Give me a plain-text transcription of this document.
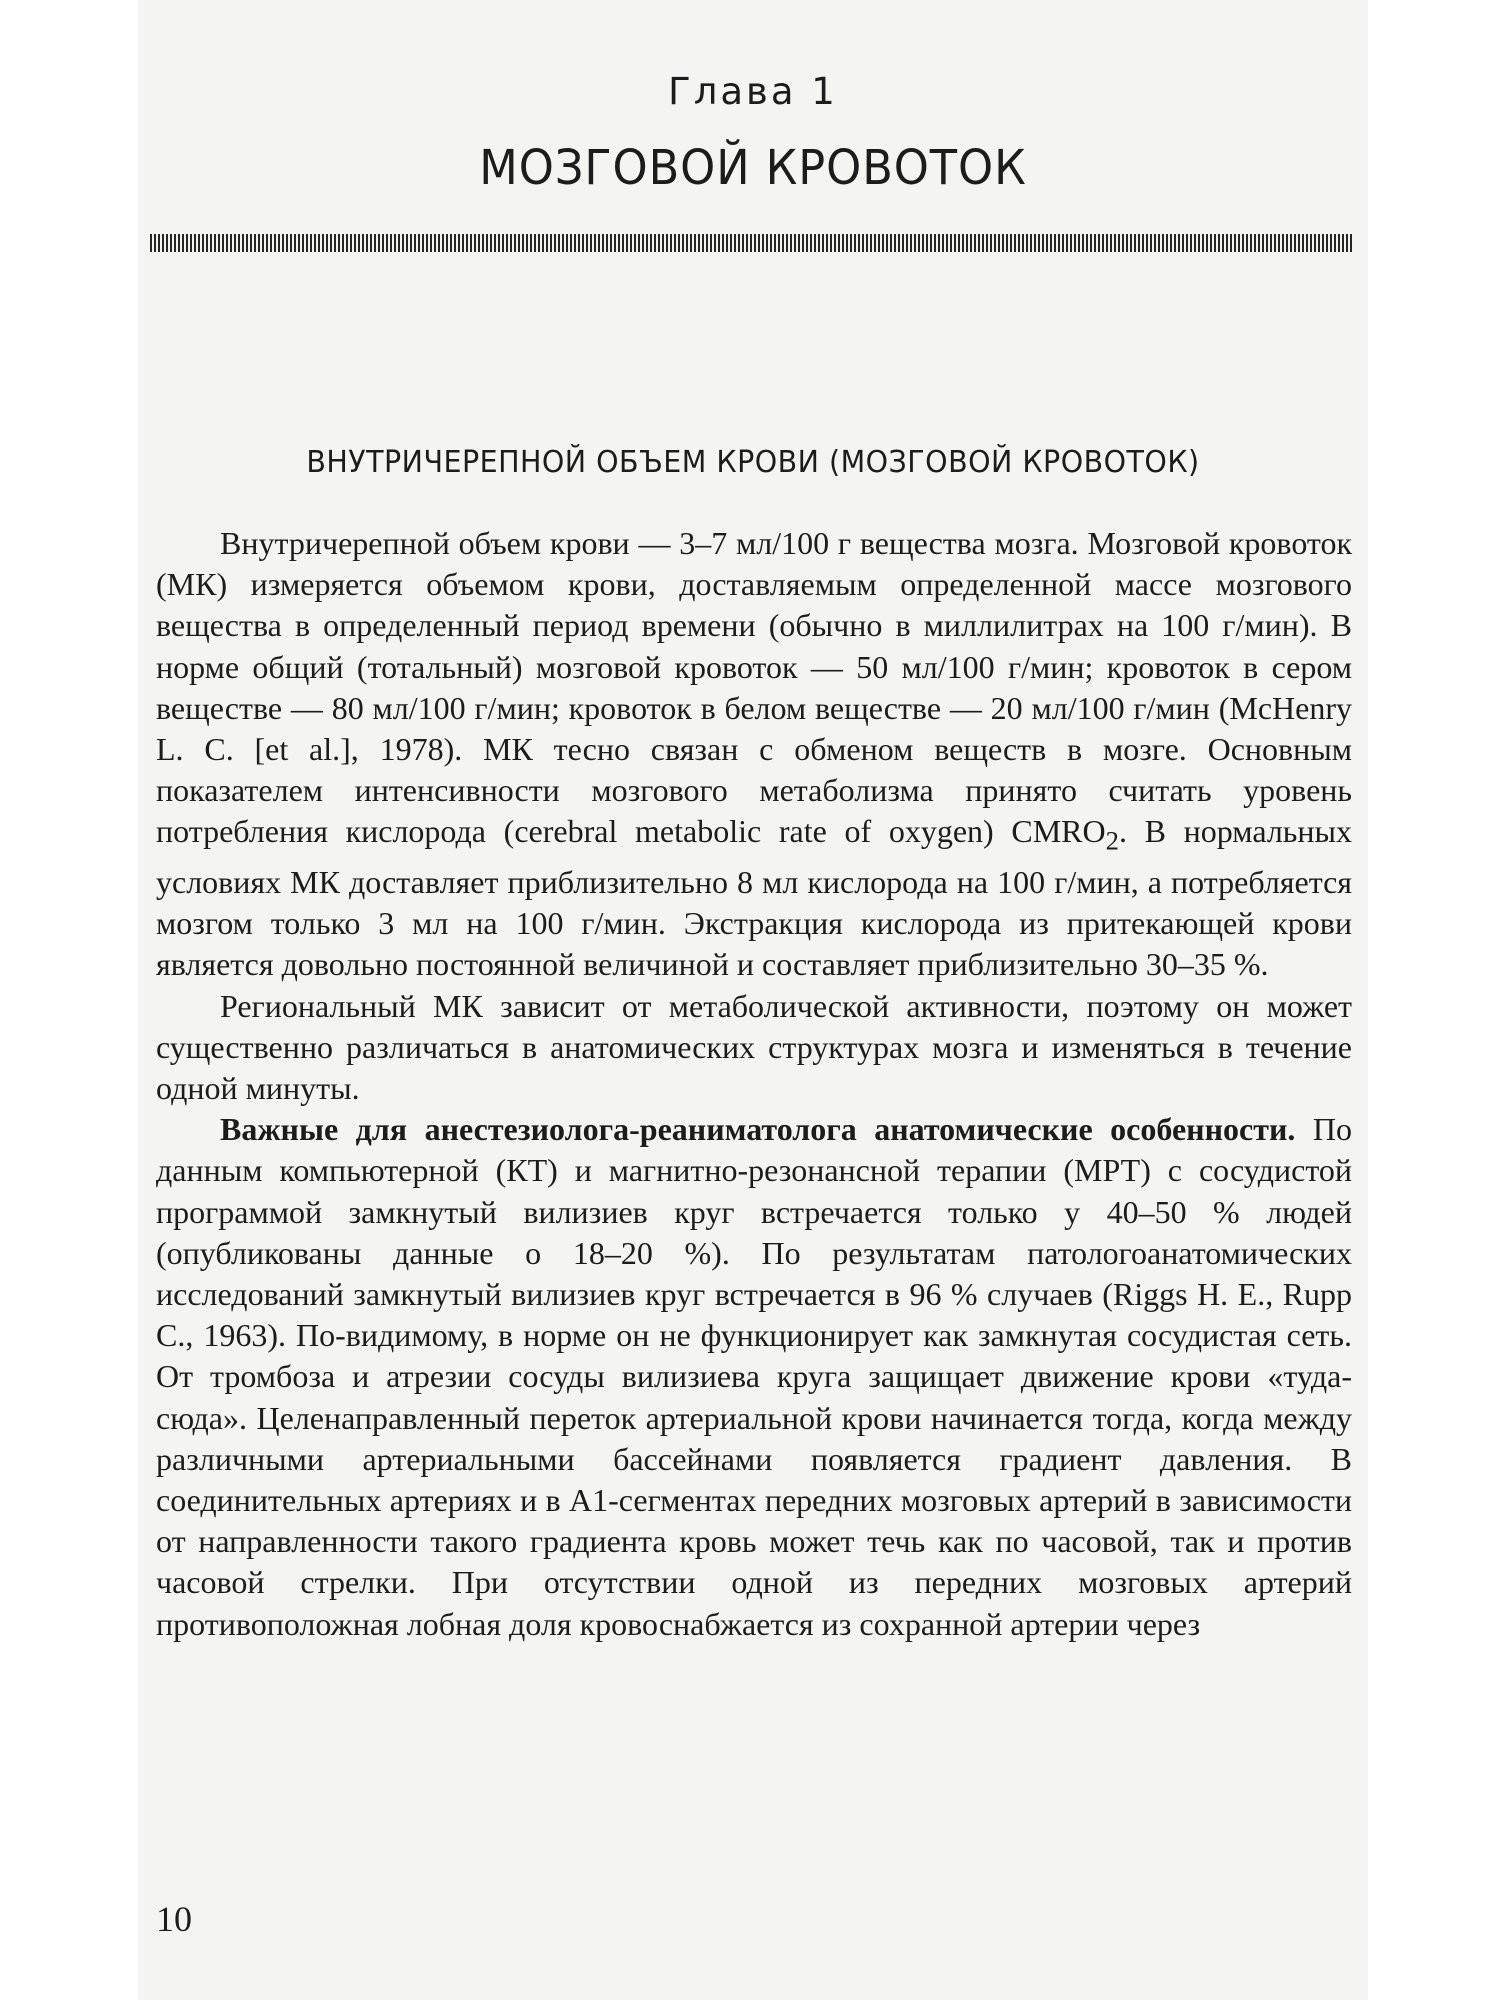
Глава 1
МОЗГОВОЙ КРОВОТОК
ВНУТРИЧЕРЕПНОЙ ОБЪЕМ КРОВИ (МОЗГОВОЙ КРОВОТОК)

Внутричерепной объем крови — 3–7 мл/100 г вещества мозга. Мозговой кровоток (МК) измеряется объемом крови, доставляемым определенной массе мозгового вещества в определенный период времени (обычно в миллилитрах на 100 г/мин). В норме общий (тотальный) мозговой кровоток — 50 мл/100 г/мин; кровоток в сером веществе — 80 мл/100 г/мин; кровоток в белом веществе — 20 мл/100 г/мин (McHenry L. C. [et al.], 1978). МК тесно связан с обменом веществ в мозге. Основным показателем интенсивности мозгового метаболизма принято считать уровень потребления кислорода (cerebral metabolic rate of oxygen) $CMRO_2$. В нормальных условиях МК доставляет приблизительно 8 мл кислорода на 100 г/мин, а потребляется мозгом только 3 мл на 100 г/мин. Экстракция кислорода из притекающей крови является довольно постоянной величиной и составляет приблизительно 30–35 %.

Региональный МК зависит от метаболической активности, поэтому он может существенно различаться в анатомических структурах мозга и изменяться в течение одной минуты.

Важные для анестезиолога-реаниматолога анатомические особенности. По данным компьютерной (КТ) и магнитно-резонансной терапии (МРТ) с сосудистой программой замкнутый вилизиев круг встречается только у 40–50 % людей (опубликованы данные о 18–20 %). По результатам патологоанатомических исследований замкнутый вилизиев круг встречается в 96 % случаев (Riggs H. E., Rupp C., 1963). По-видимому, в норме он не функционирует как замкнутая сосудистая сеть. От тромбоза и атрезии сосуды вилизиева круга защищает движение крови «туда-сюда». Целенаправленный переток артериальной крови начинается тогда, когда между различными артериальными бассейнами появляется градиент давления. В соединительных артериях и в А1-сегментах передних мозговых артерий в зависимости от направленности такого градиента кровь может течь как по часовой, так и против часовой стрелки. При отсутствии одной из передних мозговых артерий противоположная лобная доля кровоснабжается из сохранной артерии через

10
